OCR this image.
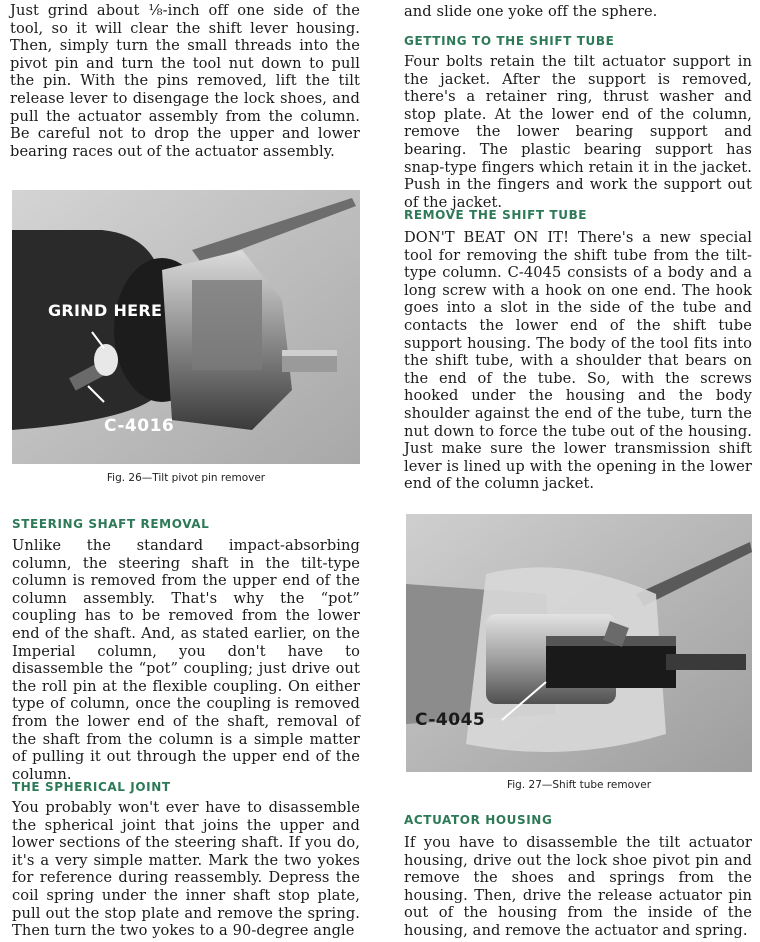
Just grind about ⅛-inch off one side of the tool, so it will clear the shift lever housing. Then, simply turn the small threads into the pivot pin and turn the tool nut down to pull the pin. With the pins removed, lift the tilt release lever to disengage the lock shoes, and pull the actuator assembly from the column. Be careful not to drop the upper and lower bearing races out of the actuator assembly.

GRIND HERE
C-4016

Fig. 26—Tilt pivot pin remover

STEERING SHAFT REMOVAL

Unlike the standard impact-absorbing column, the steering shaft in the tilt-type column is removed from the upper end of the column assembly. That's why the “pot” coupling has to be removed from the lower end of the shaft. And, as stated earlier, on the Imperial column, you don't have to disassemble the “pot” coupling; just drive out the roll pin at the flexible coupling. On either type of column, once the coupling is removed from the lower end of the shaft, removal of the shaft from the column is a simple matter of pulling it out through the upper end of the column.

THE SPHERICAL JOINT

You probably won't ever have to disassemble the spherical joint that joins the upper and lower sections of the steering shaft. If you do, it's a very simple matter. Mark the two yokes for reference during reassembly. Depress the coil spring under the inner shaft stop plate, pull out the stop plate and remove the spring. Then turn the two yokes to a 90-degree angle

and slide one yoke off the sphere.

GETTING TO THE SHIFT TUBE

Four bolts retain the tilt actuator support in the jacket. After the support is removed, there's a retainer ring, thrust washer and stop plate. At the lower end of the column, remove the lower bearing support and bearing. The plastic bearing support has snap-type fingers which retain it in the jacket. Push in the fingers and work the support out of the jacket.

REMOVE THE SHIFT TUBE

DON'T BEAT ON IT! There's a new special tool for removing the shift tube from the tilt-type column. C-4045 consists of a body and a long screw with a hook on one end. The hook goes into a slot in the side of the tube and contacts the lower end of the shift tube support housing. The body of the tool fits into the shift tube, with a shoulder that bears on the end of the tube. So, with the screws hooked under the housing and the body shoulder against the end of the tube, turn the nut down to force the tube out of the housing. Just make sure the lower transmission shift lever is lined up with the opening in the lower end of the column jacket.

C-4045

Fig. 27—Shift tube remover

ACTUATOR HOUSING

If you have to disassemble the tilt actuator housing, drive out the lock shoe pivot pin and remove the shoes and springs from the housing. Then, drive the release actuator pin out of the housing from the inside of the housing, and remove the actuator and spring.
